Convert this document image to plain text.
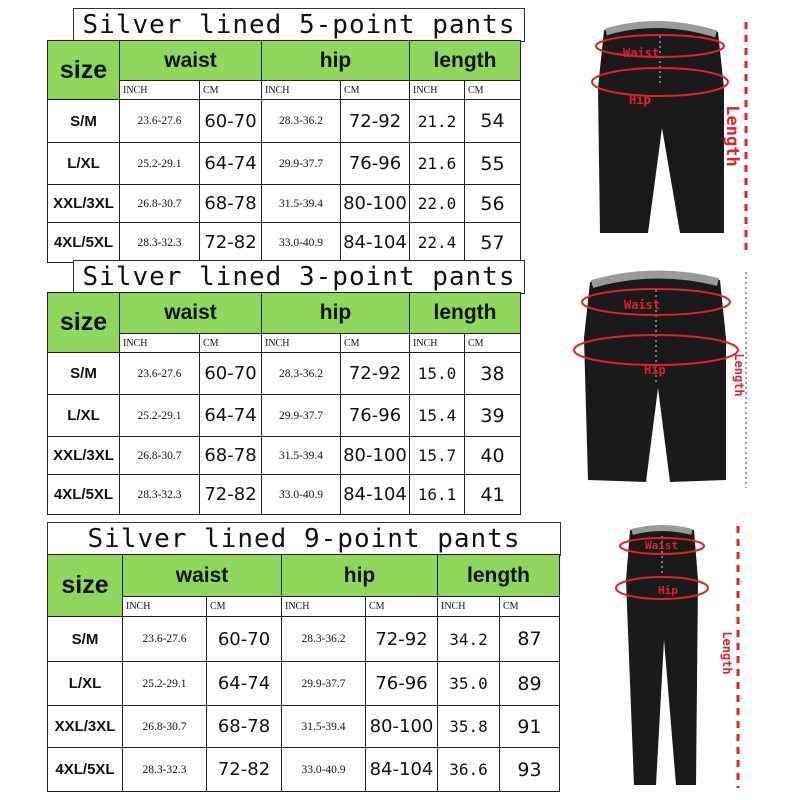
Silver lined 5-point pants
size	waist		hip		length	
	INCH	CM	INCH	CM	INCH	CM
S/M	23.6-27.6	60-70	28.3-36.2	72-92	21.2	54
L/XL	25.2-29.1	64-74	29.9-37.7	76-96	21.6	55
XXL/3XL	26.8-30.7	68-78	31.5-39.4	80-100	22.0	56
4XL/5XL	28.3-32.3	72-82	33.0-40.9	84-104	22.4	57
Waist
Hip
Length
Silver lined 3-point pants
size	waist		hip		length	
	INCH	CM	INCH	CM	INCH	CM
S/M	23.6-27.6	60-70	28.3-36.2	72-92	15.0	38
L/XL	25.2-29.1	64-74	29.9-37.7	76-96	15.4	39
XXL/3XL	26.8-30.7	68-78	31.5-39.4	80-100	15.7	40
4XL/5XL	28.3-32.3	72-82	33.0-40.9	84-104	16.1	41
Waist
Hip	Length
Silver lined 9-point pants
size	waist		hip		length	
	INCH	CM	INCH	CM	INCH	CM
S/M	23.6-27.6	60-70	28.3-36.2	72-92	34.2	87
L/XL	25.2-29.1	64-74	29.9-37.7	76-96	35.0	89
XXL/3XL	26.8-30.7	68-78	31.5-39.4	80-100	35.8	91
4XL/5XL	28.3-32.3	72-82	33.0-40.9	84-104	36.6	93
Waist
Hip
Length
